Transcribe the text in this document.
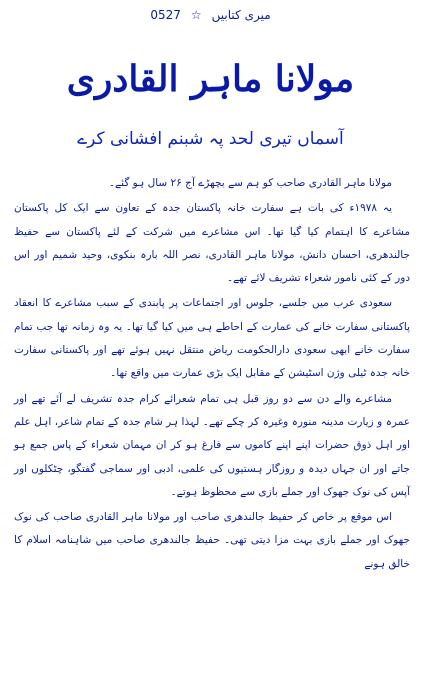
میری کتابیں
☆
0527
مولانا ماہر القادری
آسماں تیری لحد پہ شبنم افشانی کرے

مولانا ماہر القادری صاحب کو ہم سے بچھڑے آج ۲۶ سال ہو گئے۔

یہ ۱۹۷۸ء کی بات ہے سفارت خانہ پاکستان جدہ کے تعاون سے ایک کل پاکستان مشاعرے کا اہتمام کیا گیا تھا۔ اس مشاعرے میں شرکت کے لئے پاکستان سے حفیظ جالندھری، احسان دانش، مولانا ماہر القادری، نصر اللہ بارہ بنکوی، وحید شمیم اور اس دور کے کئی نامور شعراء تشریف لائے تھے۔

سعودی عرب میں جلسے، جلوس اور اجتماعات پر پابندی کے سبب مشاعرے کا انعقاد پاکستانی سفارت خانے کی عمارت کے احاطے ہی میں کیا گیا تھا۔ یہ وہ زمانہ تھا جب تمام سفارت خانے ابھی سعودی دارالحکومت ریاض منتقل نہیں ہوئے تھے اور پاکستانی سفارت خانہ جدہ ٹیلی وژن اسٹیشن کے مقابل ایک بڑی عمارت میں واقع تھا۔

مشاعرے والے دن سے دو روز قبل ہی تمام شعرائے کرام جدہ تشریف لے آئے تھے اور عمرہ و زیارت مدینہ منورہ وغیرہ کر چکے تھے۔ لہذا ہر شام جدہ کے تمام شاعر، اہل علم اور اہل ذوق حضرات اپنے اپنے کاموں سے فارغ ہو کر ان مہمان شعراء کے پاس جمع ہو جاتے اور ان جہاں دیدہ و روزگار ہستیوں کی علمی، ادبی اور سماجی گفتگو، چٹکلوں اور آپس کی نوک جھوک اور جملے بازی سے محظوظ ہوتے۔

اس موقع پر خاص کر حفیظ جالندھری صاحب اور مولانا ماہر القادری صاحب کی نوک جھوک اور جملے بازی بہت مزا دیتی تھی۔ حفیظ جالندھری صاحب میں شاہنامہ اسلام کا خالق ہونے
